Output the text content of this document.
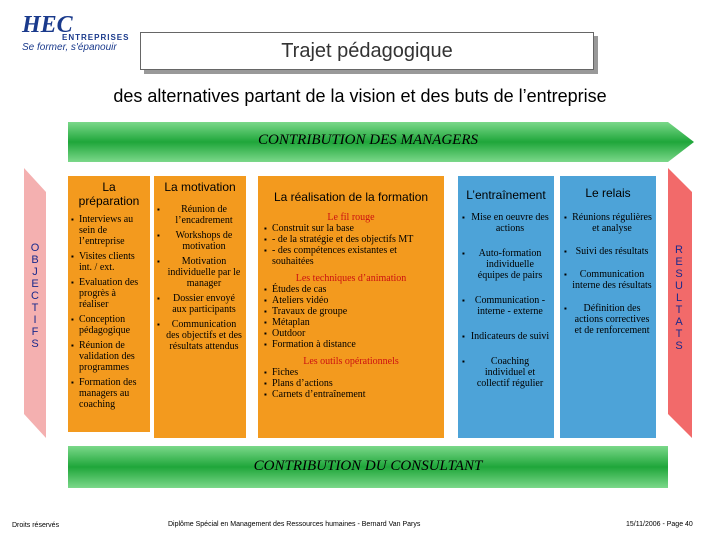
HEC
ENTREPRISES
Se former, s'épanouir	Trajet pédagogique
des alternatives partant de la vision et des buts de l’entreprise
CONTRIBUTION DES MANAGERS
CONTRIBUTION DU CONSULTANT
O
B
J
E
C
T
I
F
S
R
E
S
U
L
T
A
T
S
La préparation
▪ Interviews au sein de l’entreprise
▪ Visites clients int. / ext.
▪ Evaluation des progrès à réaliser
▪ Conception pédagogique
▪ Réunion de validation des programmes
▪ Formation des managers au coaching
La motivation
▪ Réunion de l’encadrement
▪ Workshops de motivation
▪ Motivation individuelle par le manager
▪ Dossier envoyé aux participants
▪ Communication des objectifs et des résultats attendus
La réalisation de la formation
Le fil rouge
▪ Construit sur la base
▪ - de la stratégie et des objectifs MT
▪ - des compétences existantes et souhaitées
Les techniques d’animation
▪ Études de cas
▪ Ateliers vidéo
▪ Travaux de groupe
▪ Métaplan
▪ Outdoor
▪ Formation à distance
Les outils opérationnels
▪ Fiches
▪ Plans d’actions
▪ Carnets d’entraînement
L’entraînement
▪ Mise en oeuvre des actions
▪ Auto-formation individuelle équipes de pairs
▪ Communication - interne - externe
▪ Indicateurs de suivi
▪ Coaching individuel et collectif régulier
Le relais
▪ Réunions régulières et analyse
▪ Suivi des résultats
▪ Communication interne des résultats
▪ Définition des actions correctives et de renforcement
Droits réservés	Diplôme Spécial en Management des Ressources humaines - Bernard Van Parys	15/11/2006 - Page 40
